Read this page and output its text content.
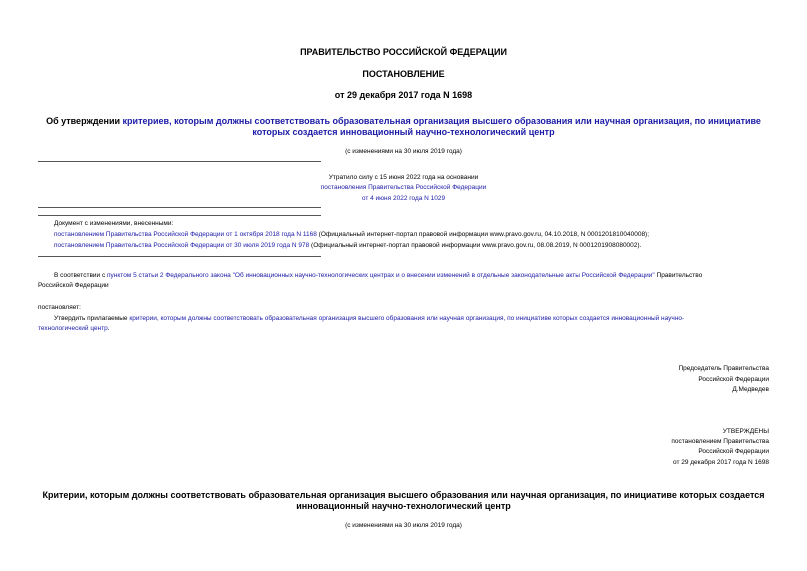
ПРАВИТЕЛЬСТВО РОССИЙСКОЙ ФЕДЕРАЦИИ
ПОСТАНОВЛЕНИЕ
от 29 декабря 2017 года N 1698
Об утверждении критериев, которым должны соответствовать образовательная организация высшего образования или научная организация, по инициативе
которых создается инновационный научно-технологический центр
(с изменениями на 30 июля 2019 года)
Утратило силу с 15 июня 2022 года на основании
постановления Правительства Российской Федерации
от 4 июня 2022 года N 1029
Документ с изменениями, внесенными:
постановлением Правительства Российской Федерации от 1 октября 2018 года N 1168 (Официальный интернет-портал правовой информации www.pravo.gov.ru, 04.10.2018, N 0001201810040008);
постановлением Правительства Российской Федерации от 30 июля 2019 года N 978 (Официальный интернет-портал правовой информации www.pravo.gov.ru, 08.08.2019, N 0001201908080002).
В соответствии с пунктом 5 статьи 2 Федерального закона "Об инновационных научно-технологических центрах и о внесении изменений в отдельные законодательные акты Российской Федерации" Правительство
Российской Федерации
постановляет:
Утвердить прилагаемые критерии, которым должны соответствовать образовательная организация высшего образования или научная организация, по инициативе которых создается инновационный научно-
технологический центр.
Председатель Правительства
Российской Федерации
Д.Медведев
УТВЕРЖДЕНЫ
постановлением Правительства
Российской Федерации
от 29 декабря 2017 года N 1698
Критерии, которым должны соответствовать образовательная организация высшего образования или научная организация, по инициативе которых создается
инновационный научно-технологический центр
(с изменениями на 30 июля 2019 года)
